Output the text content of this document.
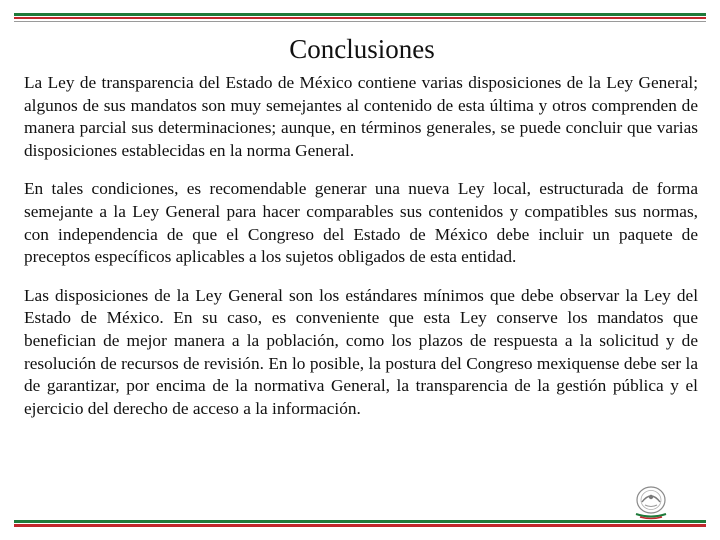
Conclusiones

La Ley de transparencia del Estado de México contiene varias disposiciones de la Ley General; algunos de sus mandatos son muy semejantes al contenido de esta última y otros comprenden de manera parcial sus determinaciones; aunque, en términos generales, se puede concluir que varias disposiciones establecidas en la norma General.

En tales condiciones, es recomendable generar una nueva Ley local, estructurada de forma semejante a la Ley General para hacer comparables sus contenidos y compatibles sus normas, con independencia de que el Congreso del Estado de México debe incluir un paquete de preceptos específicos aplicables a los sujetos obligados de esta entidad.

Las disposiciones de la Ley General son los estándares mínimos que debe observar la Ley del Estado de México. En su caso, es conveniente que esta Ley conserve los mandatos que benefician de mejor manera a la población, como los plazos de respuesta a la solicitud y de resolución de recursos de revisión. En lo posible, la postura del Congreso mexiquense debe ser la de garantizar, por encima de la normativa General, la transparencia de la gestión pública y el ejercicio del derecho de acceso a la información.
